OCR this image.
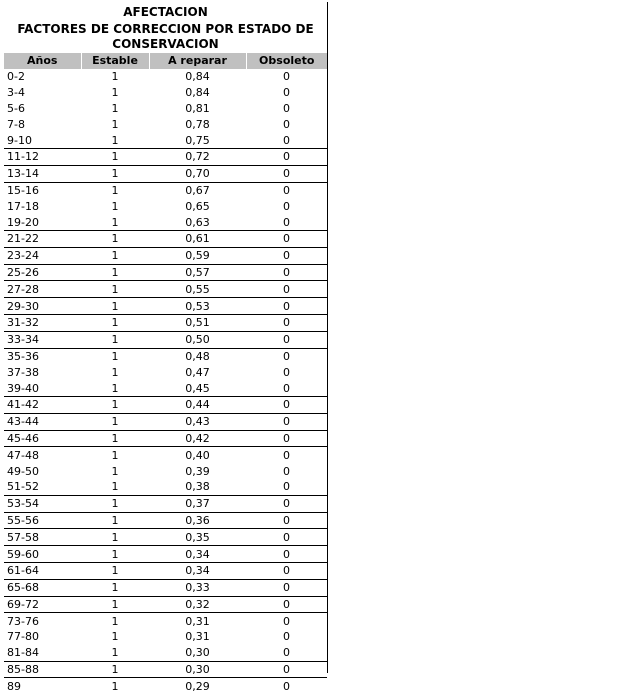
AFECTACION
FACTORES DE CORRECCION POR ESTADO DE CONSERVACION
Años	Estable	A reparar	Obsoleto
0-2	1	0,84	0
3-4	1	0,84	0
5-6	1	0,81	0
7-8	1	0,78	0
9-10	1	0,75	0
11-12	1	0,72	0
13-14	1	0,70	0
15-16	1	0,67	0
17-18	1	0,65	0
19-20	1	0,63	0
21-22	1	0,61	0
23-24	1	0,59	0
25-26	1	0,57	0
27-28	1	0,55	0
29-30	1	0,53	0
31-32	1	0,51	0
33-34	1	0,50	0
35-36	1	0,48	0
37-38	1	0,47	0
39-40	1	0,45	0
41-42	1	0,44	0
43-44	1	0,43	0
45-46	1	0,42	0
47-48	1	0,40	0
49-50	1	0,39	0
51-52	1	0,38	0
53-54	1	0,37	0
55-56	1	0,36	0
57-58	1	0,35	0
59-60	1	0,34	0
61-64	1	0,34	0
65-68	1	0,33	0
69-72	1	0,32	0
73-76	1	0,31	0
77-80	1	0,31	0
81-84	1	0,30	0
85-88	1	0,30	0
89	1	0,29	0
